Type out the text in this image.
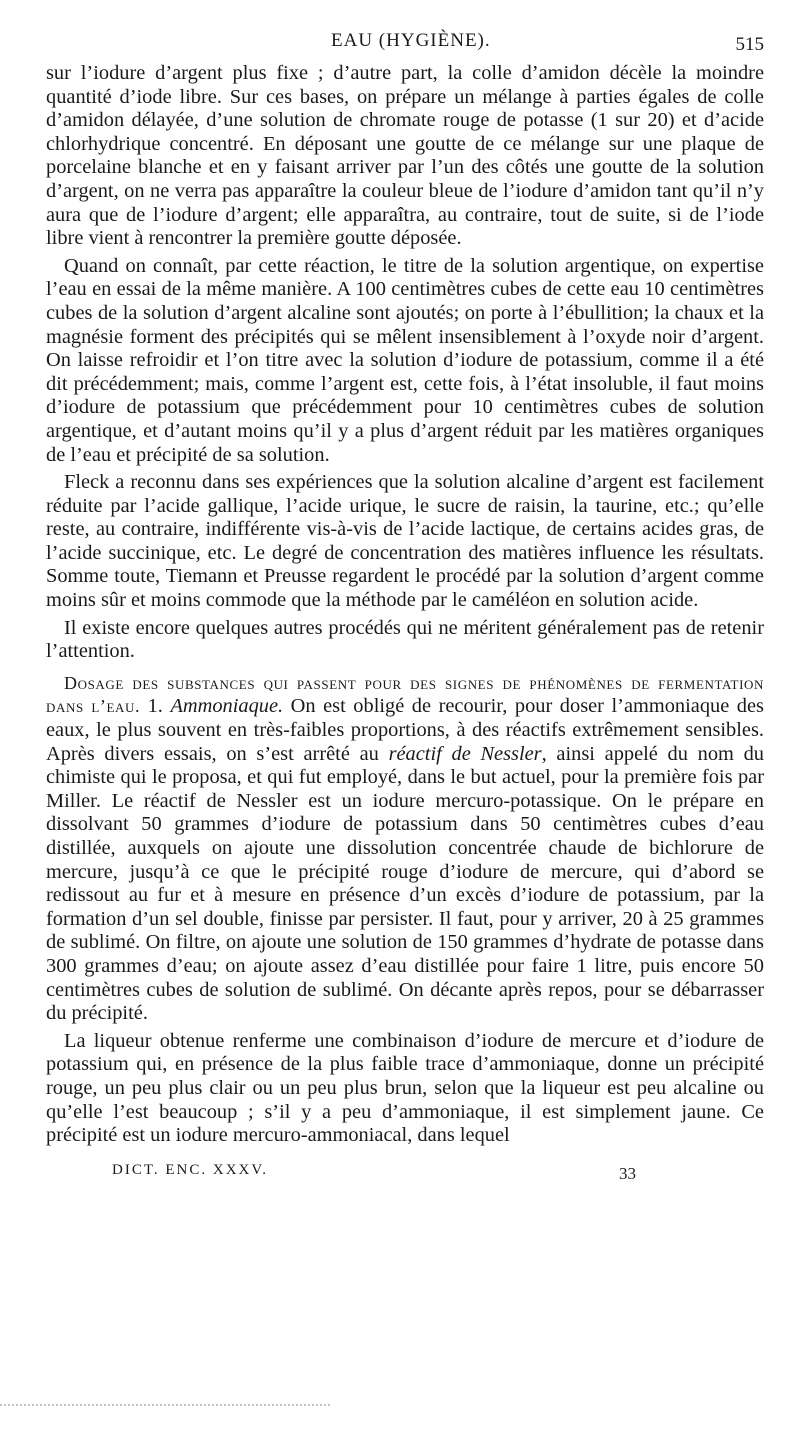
EAU (HYGIÈNE).	515

sur l’iodure d’argent plus fixe ; d’autre part, la colle d’amidon décèle la moindre quantité d’iode libre. Sur ces bases, on prépare un mélange à parties égales de colle d’amidon délayée, d’une solution de chromate rouge de potasse (1 sur 20) et d’acide chlorhydrique concentré. En déposant une goutte de ce mélange sur une plaque de porcelaine blanche et en y faisant arriver par l’un des côtés une goutte de la solution d’argent, on ne verra pas apparaître la couleur bleue de l’iodure d’amidon tant qu’il n’y aura que de l’iodure d’argent; elle apparaîtra, au contraire, tout de suite, si de l’iode libre vient à rencontrer la première goutte déposée.

Quand on connaît, par cette réaction, le titre de la solution argentique, on expertise l’eau en essai de la même manière. A 100 centimètres cubes de cette eau 10 centimètres cubes de la solution d’argent alcaline sont ajoutés; on porte à l’ébullition; la chaux et la magnésie forment des précipités qui se mêlent insensiblement à l’oxyde noir d’argent. On laisse refroidir et l’on titre avec la solution d’iodure de potassium, comme il a été dit précédemment; mais, comme l’argent est, cette fois, à l’état insoluble, il faut moins d’iodure de potassium que précédemment pour 10 centimètres cubes de solution argentique, et d’autant moins qu’il y a plus d’argent réduit par les matières organiques de l’eau et précipité de sa solution.

Fleck a reconnu dans ses expériences que la solution alcaline d’argent est facilement réduite par l’acide gallique, l’acide urique, le sucre de raisin, la taurine, etc.; qu’elle reste, au contraire, indifférente vis-à-vis de l’acide lactique, de certains acides gras, de l’acide succinique, etc. Le degré de concentration des matières influence les résultats. Somme toute, Tiemann et Preusse regardent le procédé par la solution d’argent comme moins sûr et moins commode que la méthode par le caméléon en solution acide.

Il existe encore quelques autres procédés qui ne méritent généralement pas de retenir l’attention.

Dosage des substances qui passent pour des signes de phénomènes de fermentation dans l’eau. 1. Ammoniaque. On est obligé de recourir, pour doser l’ammoniaque des eaux, le plus souvent en très-faibles proportions, à des réactifs extrêmement sensibles. Après divers essais, on s’est arrêté au réactif de Nessler, ainsi appelé du nom du chimiste qui le proposa, et qui fut employé, dans le but actuel, pour la première fois par Miller. Le réactif de Nessler est un iodure mercuro-potassique. On le prépare en dissolvant 50 grammes d’iodure de potassium dans 50 centimètres cubes d’eau distillée, auxquels on ajoute une dissolution concentrée chaude de bichlorure de mercure, jusqu’à ce que le précipité rouge d’iodure de mercure, qui d’abord se redissout au fur et à mesure en présence d’un excès d’iodure de potassium, par la formation d’un sel double, finisse par persister. Il faut, pour y arriver, 20 à 25 grammes de sublimé. On filtre, on ajoute une solution de 150 grammes d’hydrate de potasse dans 300 grammes d’eau; on ajoute assez d’eau distillée pour faire 1 litre, puis encore 50 centimètres cubes de solution de sublimé. On décante après repos, pour se débarrasser du précipité.

La liqueur obtenue renferme une combinaison d’iodure de mercure et d’iodure de potassium qui, en présence de la plus faible trace d’ammoniaque, donne un précipité rouge, un peu plus clair ou un peu plus brun, selon que la liqueur est peu alcaline ou qu’elle l’est beaucoup ; s’il y a peu d’ammoniaque, il est simplement jaune. Ce précipité est un iodure mercuro-ammoniacal, dans lequel

DICT. ENC. XXXV.	33
